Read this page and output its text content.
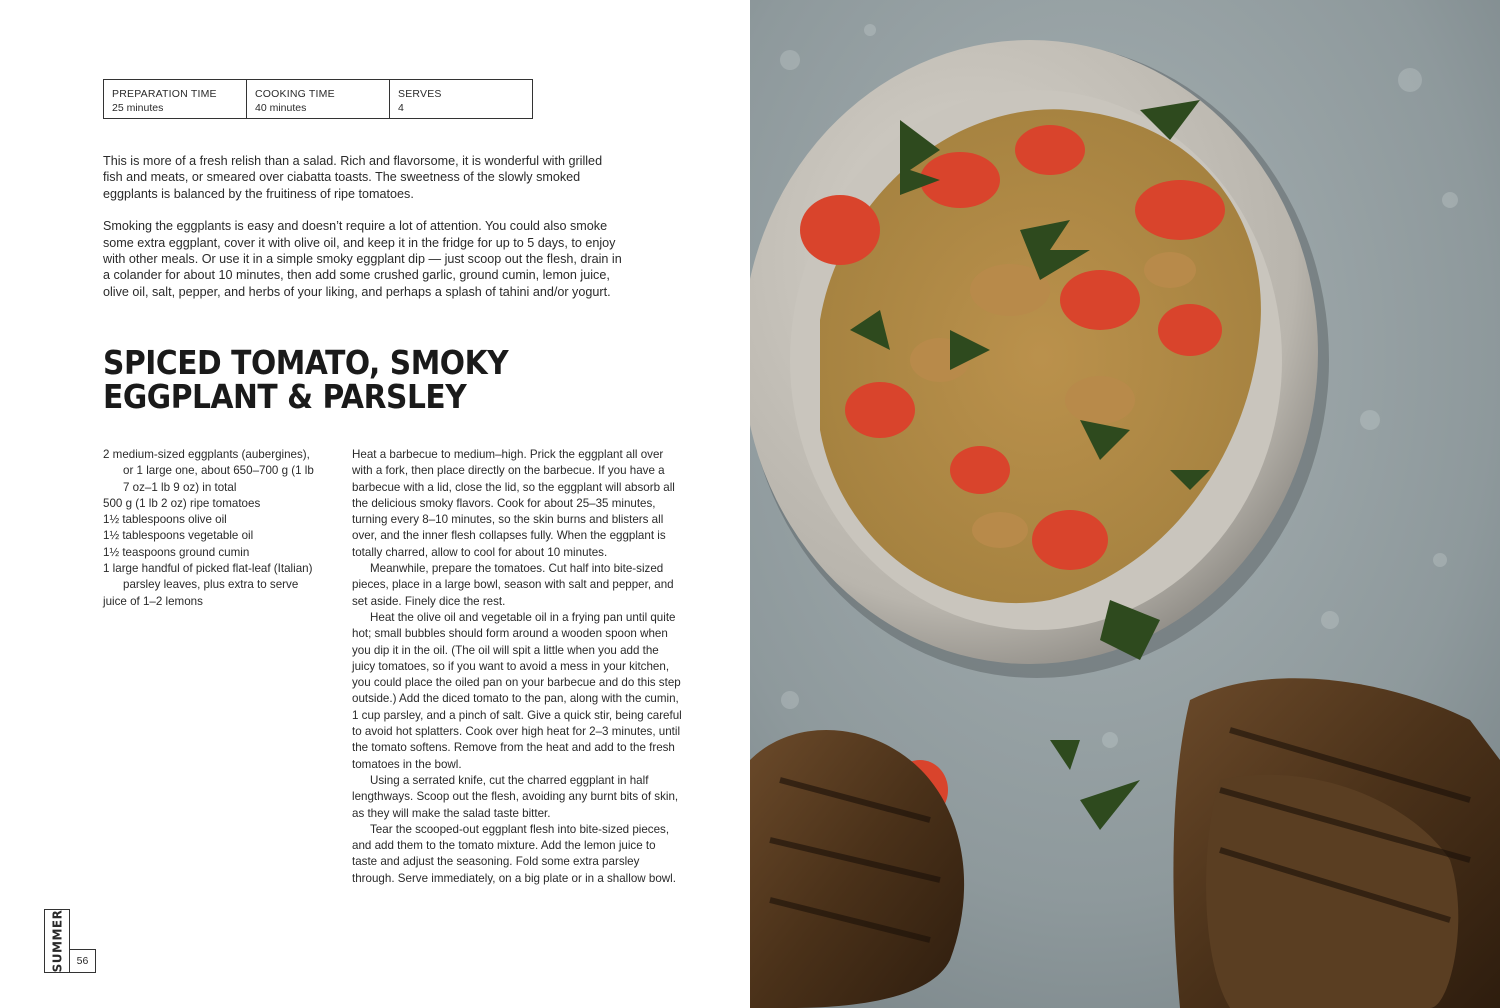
PREPARATION TIME
25 minutes
COOKING TIME
40 minutes
SERVES
4

This is more of a fresh relish than a salad. Rich and flavorsome, it is wonderful with grilled fish and meats, or smeared over ciabatta toasts. The sweetness of the slowly smoked eggplants is balanced by the fruitiness of ripe tomatoes.

Smoking the eggplants is easy and doesn’t require a lot of attention. You could also smoke some extra eggplant, cover it with olive oil, and keep it in the fridge for up to 5 days, to enjoy with other meals. Or use it in a simple smoky eggplant dip — just scoop out the flesh, drain in a colander for about 10 minutes, then add some crushed garlic, ground cumin, lemon juice, olive oil, salt, pepper, and herbs of your liking, and perhaps a splash of tahini and/or yogurt.

SPICED TOMATO, SMOKY EGGPLANT & PARSLEY
2 medium-sized eggplants (aubergines), or 1 large one, about 650–700 g (1 lb 7 oz–1 lb 9 oz) in total
500 g (1 lb 2 oz) ripe tomatoes
1½ tablespoons olive oil
1½ tablespoons vegetable oil
1½ teaspoons ground cumin
1 large handful of picked flat-leaf (Italian) parsley leaves, plus extra to serve
juice of 1–2 lemons

Heat a barbecue to medium–high. Prick the eggplant all over with a fork, then place directly on the barbecue. If you have a barbecue with a lid, close the lid, so the eggplant will absorb all the delicious smoky flavors. Cook for about 25–35 minutes, turning every 8–10 minutes, so the skin burns and blisters all over, and the inner flesh collapses fully. When the eggplant is totally charred, allow to cool for about 10 minutes.

Meanwhile, prepare the tomatoes. Cut half into bite-sized pieces, place in a large bowl, season with salt and pepper, and set aside. Finely dice the rest.

Heat the olive oil and vegetable oil in a frying pan until quite hot; small bubbles should form around a wooden spoon when you dip it in the oil. (The oil will spit a little when you add the juicy tomatoes, so if you want to avoid a mess in your kitchen, you could place the oiled pan on your barbecue and do this step outside.) Add the diced tomato to the pan, along with the cumin, 1 cup parsley, and a pinch of salt. Give a quick stir, being careful to avoid hot splatters. Cook over high heat for 2–3 minutes, until the tomato softens. Remove from the heat and add to the fresh tomatoes in the bowl.

Using a serrated knife, cut the charred eggplant in half lengthways. Scoop out the flesh, avoiding any burnt bits of skin, as they will make the salad taste bitter.

Tear the scooped-out eggplant flesh into bite-sized pieces, and add them to the tomato mixture. Add the lemon juice to taste and adjust the seasoning. Fold some extra parsley through. Serve immediately, on a big plate or in a shallow bowl.

SUMMER	56
